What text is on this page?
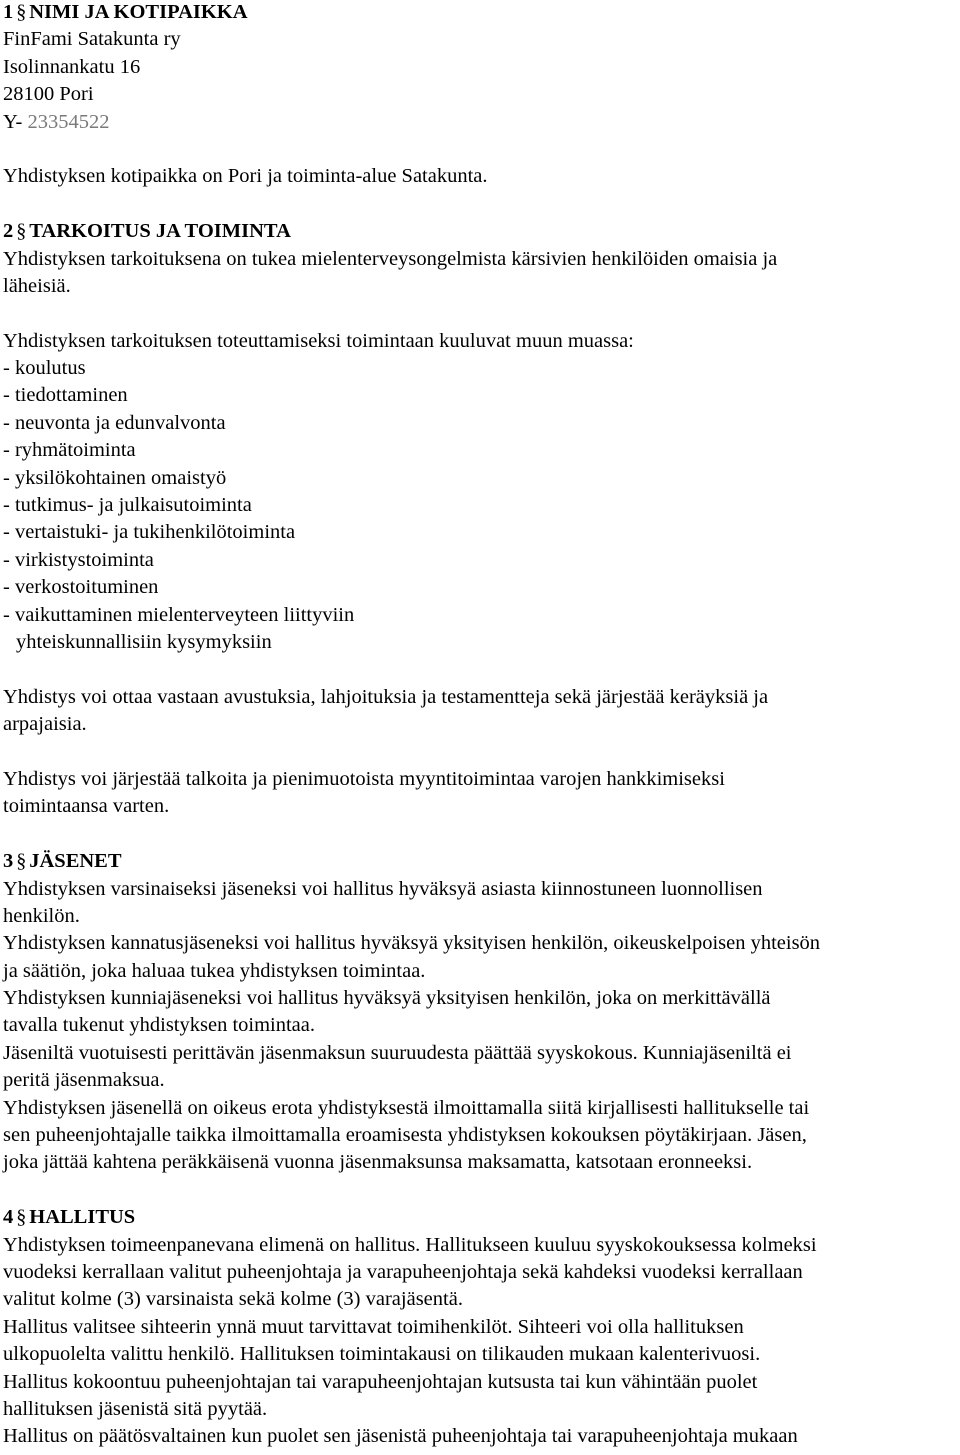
1 § NIMI JA KOTIPAIKKA
FinFami Satakunta ry
Isolinnankatu 16
28100 Pori
Y- 23354522
Yhdistyksen kotipaikka on Pori ja toiminta-alue Satakunta.
2 § TARKOITUS JA TOIMINTA
Yhdistyksen tarkoituksena on tukea mielenterveysongelmista kärsivien henkilöiden omaisia ja
läheisiä.
Yhdistyksen tarkoituksen toteuttamiseksi toimintaan kuuluvat muun muassa:
- koulutus
- tiedottaminen
- neuvonta ja edunvalvonta
- ryhmätoiminta
- yksilökohtainen omaistyö
- tutkimus- ja julkaisutoiminta
- vertaistuki- ja tukihenkilötoiminta
- virkistystoiminta
- verkostoituminen
- vaikuttaminen mielenterveyteen liittyviin
yhteiskunnallisiin kysymyksiin
Yhdistys voi ottaa vastaan avustuksia, lahjoituksia ja testamentteja sekä järjestää keräyksiä ja
arpajaisia.
Yhdistys voi järjestää talkoita ja pienimuotoista myyntitoimintaa varojen hankkimiseksi
toimintaansa varten.
3 § JÄSENET
Yhdistyksen varsinaiseksi jäseneksi voi hallitus hyväksyä asiasta kiinnostuneen luonnollisen
henkilön.
Yhdistyksen kannatusjäseneksi voi hallitus hyväksyä yksityisen henkilön, oikeuskelpoisen yhteisön
ja säätiön, joka haluaa tukea yhdistyksen toimintaa.
Yhdistyksen kunniajäseneksi voi hallitus hyväksyä yksityisen henkilön, joka on merkittävällä
tavalla tukenut yhdistyksen toimintaa.
Jäseniltä vuotuisesti perittävän jäsenmaksun suuruudesta päättää syyskokous. Kunniajäseniltä ei
peritä jäsenmaksua.
Yhdistyksen jäsenellä on oikeus erota yhdistyksestä ilmoittamalla siitä kirjallisesti hallitukselle tai
sen puheenjohtajalle taikka ilmoittamalla eroamisesta yhdistyksen kokouksen pöytäkirjaan. Jäsen,
joka jättää kahtena peräkkäisenä vuonna jäsenmaksunsa maksamatta, katsotaan eronneeksi.
4 § HALLITUS
Yhdistyksen toimeenpanevana elimenä on hallitus. Hallitukseen kuuluu syyskokouksessa kolmeksi
vuodeksi kerrallaan valitut puheenjohtaja ja varapuheenjohtaja sekä kahdeksi vuodeksi kerrallaan
valitut kolme (3) varsinaista sekä kolme (3) varajäsentä.
Hallitus valitsee sihteerin ynnä muut tarvittavat toimihenkilöt. Sihteeri voi olla hallituksen
ulkopuolelta valittu henkilö. Hallituksen toimintakausi on tilikauden mukaan kalenterivuosi.
Hallitus kokoontuu puheenjohtajan tai varapuheenjohtajan kutsusta tai kun vähintään puolet
hallituksen jäsenistä sitä pyytää.
Hallitus on päätösvaltainen kun puolet sen jäsenistä puheenjohtaja tai varapuheenjohtaja mukaan
